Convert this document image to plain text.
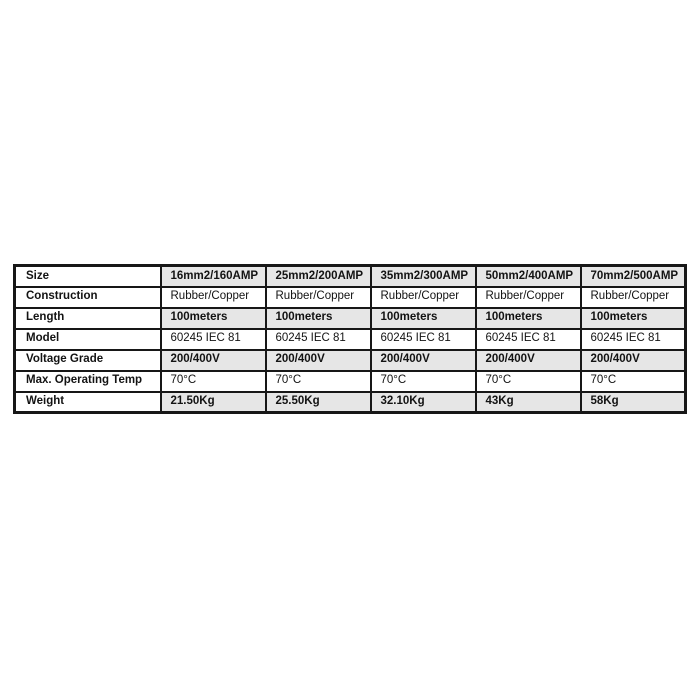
Size	16mm2/160AMP	25mm2/200AMP	35mm2/300AMP	50mm2/400AMP	70mm2/500AMP
Construction	Rubber/Copper	Rubber/Copper	Rubber/Copper	Rubber/Copper	Rubber/Copper
Length	100meters	100meters	100meters	100meters	100meters
Model	60245 IEC 81	60245 IEC 81	60245 IEC 81	60245 IEC 81	60245 IEC 81
Voltage Grade	200/400V	200/400V	200/400V	200/400V	200/400V
Max. Operating Temp	70°C	70°C	70°C	70°C	70°C
Weight	21.50Kg	25.50Kg	32.10Kg	43Kg	58Kg
